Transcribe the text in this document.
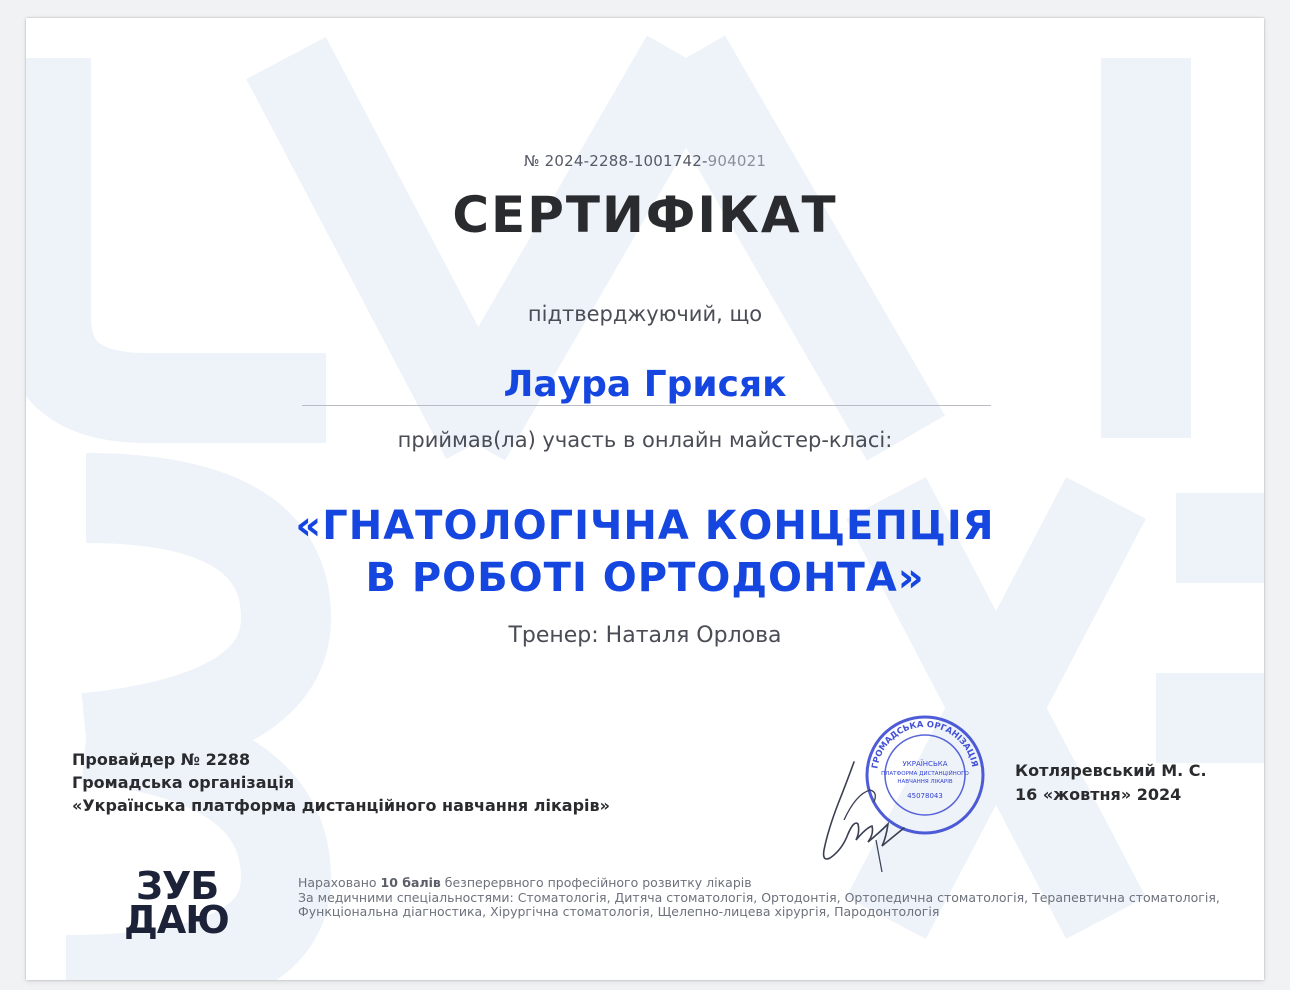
№ 2024-2288-1001742-904021
СЕРТИФІКАТ
підтверджуючий, що
Лаура Грисяк
приймав(ла) участь в онлайн майстер-класі:
«ГНАТОЛОГІЧНА КОНЦЕПЦІЯ
В РОБОТІ ОРТОДОНТА»
Тренер: Наталя Орлова
Провайдер № 2288
Громадська організація
«Українська платформа дистанційного навчання лікарів»
ГРОМАДСЬКА ОРГАНІЗАЦІЯ
УКРАЇНСЬКА
ПЛАТФОРМА ДИСТАНЦІЙНОГО
НАВЧАННЯ ЛІКАРІВ
45078043
Котляревський М. С.
16 «жовтня» 2024
ЗУБ
ДАЮ
Нараховано 10 балів безперервного професійного розвитку лікарів
За медичними спеціальностями: Стоматологія, Дитяча стоматологія, Ортодонтія, Ортопедична стоматологія, Терапевтична стоматологія, Функціональна діагностика, Хірургічна стоматологія, Щелепно-лицева хірургія, Пародонтологія
